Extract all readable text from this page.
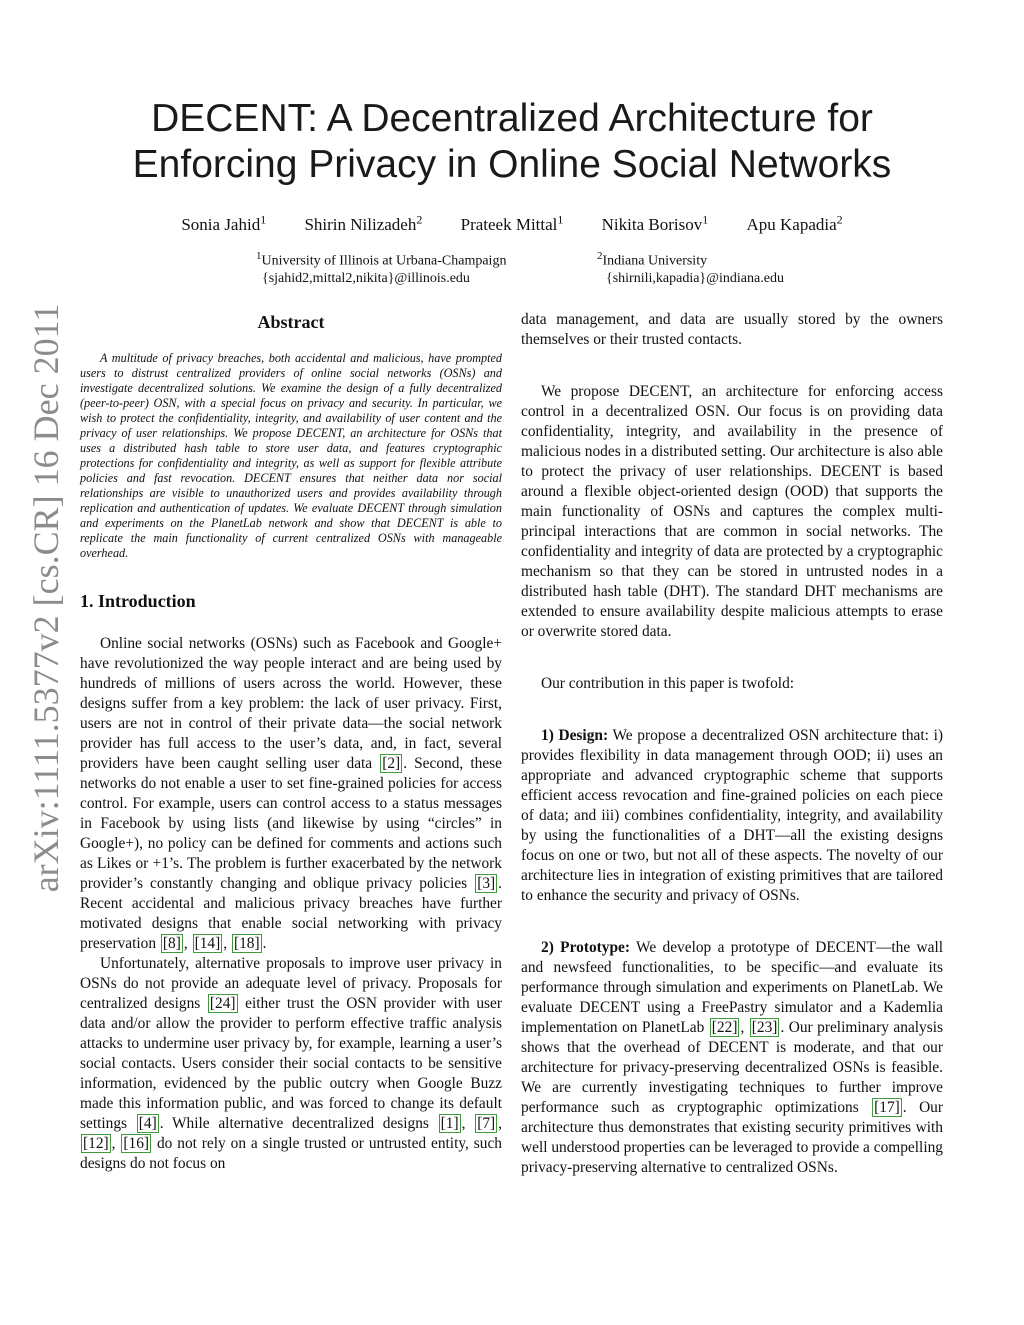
DECENT: A Decentralized Architecture for
Enforcing Privacy in Online Social Networks
Sonia Jahid$^1$ Shirin Nilizadeh$^2$ Prateek Mittal$^1$ Nikita Borisov$^1$ Apu Kapadia$^2$
$^1$University of Illinois at Urbana-Champaign
{sjahid2,mittal2,nikita}@illinois.edu
$^2$Indiana University
{shirnili,kapadia}@indiana.edu
arXiv:1111.5377v2 [cs.CR] 16 Dec 2011	Abstract

A multitude of privacy breaches, both accidental and malicious, have prompted users to distrust centralized providers of online social networks (OSNs) and investigate decentralized solutions. We examine the design of a fully decentralized (peer-to-peer) OSN, with a special focus on privacy and security. In particular, we wish to protect the confidentiality, integrity, and availability of user content and the privacy of user relationships. We propose DECENT, an architecture for OSNs that uses a distributed hash table to store user data, and features cryptographic protections for confidentiality and integrity, as well as support for flexible attribute policies and fast revocation. DECENT ensures that neither data nor social relationships are visible to unauthorized users and provides availability through replication and authentication of updates. We evaluate DECENT through simulation and experiments on the PlanetLab network and show that DECENT is able to replicate the main functionality of current centralized OSNs with manageable overhead.

1. Introduction

Online social networks (OSNs) such as Facebook and Google+ have revolutionized the way people interact and are being used by hundreds of millions of users across the world. However, these designs suffer from a key problem: the lack of user privacy. First, users are not in control of their private data—the social network provider has full access to the user’s data, and, in fact, several providers have been caught selling user data [2] . Second, these networks do not enable a user to set fine-grained policies for access control. For example, users can control access to a status messages in Facebook by using lists (and likewise by using “circles” in Google+), no policy can be defined for comments and actions such as Likes or +1’s. The problem is further exacerbated by the network provider’s constantly changing and oblique privacy policies [3] . Recent accidental and malicious privacy breaches have further motivated designs that enable social networking with privacy preservation [8] , [14] , [18] .

Unfortunately, alternative proposals to improve user privacy in OSNs do not provide an adequate level of privacy. Proposals for centralized designs [24] either trust the OSN provider with user data and/or allow the provider to perform effective traffic analysis attacks to undermine user privacy by, for example, learning a user’s social contacts. Users consider their social contacts to be sensitive information, evidenced by the public outcry when Google Buzz made this information public, and was forced to change its default settings [4] . While alternative decentralized designs [1] , [7] , [12] , [16] do not rely on a single trusted or untrusted entity, such designs do not focus on

data management, and data are usually stored by the owners themselves or their trusted contacts.

We propose DECENT, an architecture for enforcing access control in a decentralized OSN. Our focus is on providing data confidentiality, integrity, and availability in the presence of malicious nodes in a distributed setting. Our architecture is also able to protect the privacy of user relationships. DECENT is based around a flexible object-oriented design (OOD) that supports the main functionality of OSNs and captures the complex multi-principal interactions that are common in social networks. The confidentiality and integrity of data are protected by a cryptographic mechanism so that they can be stored in untrusted nodes in a distributed hash table (DHT). The standard DHT mechanisms are extended to ensure availability despite malicious attempts to erase or overwrite stored data.

Our contribution in this paper is twofold:

1) Design: We propose a decentralized OSN architecture that: i) provides flexibility in data management through OOD; ii) uses an appropriate and advanced cryptographic scheme that supports efficient access revocation and fine-grained policies on each piece of data; and iii) combines confidentiality, integrity, and availability by using the functionalities of a DHT—all the existing designs focus on one or two, but not all of these aspects. The novelty of our architecture lies in integration of existing primitives that are tailored to enhance the security and privacy of OSNs.

2) Prototype: We develop a prototype of DECENT—the wall and newsfeed functionalities, to be specific—and evaluate its performance through simulation and experiments on PlanetLab. We evaluate DECENT using a FreePastry simulator and a Kademlia implementation on PlanetLab [22] , [23] . Our preliminary analysis shows that the overhead of DECENT is moderate, and that our architecture for privacy-preserving decentralized OSNs is feasible. We are currently investigating techniques to further improve performance such as cryptographic optimizations [17] . Our architecture thus demonstrates that existing security primitives with well understood properties can be leveraged to provide a compelling privacy-preserving alternative to centralized OSNs.
